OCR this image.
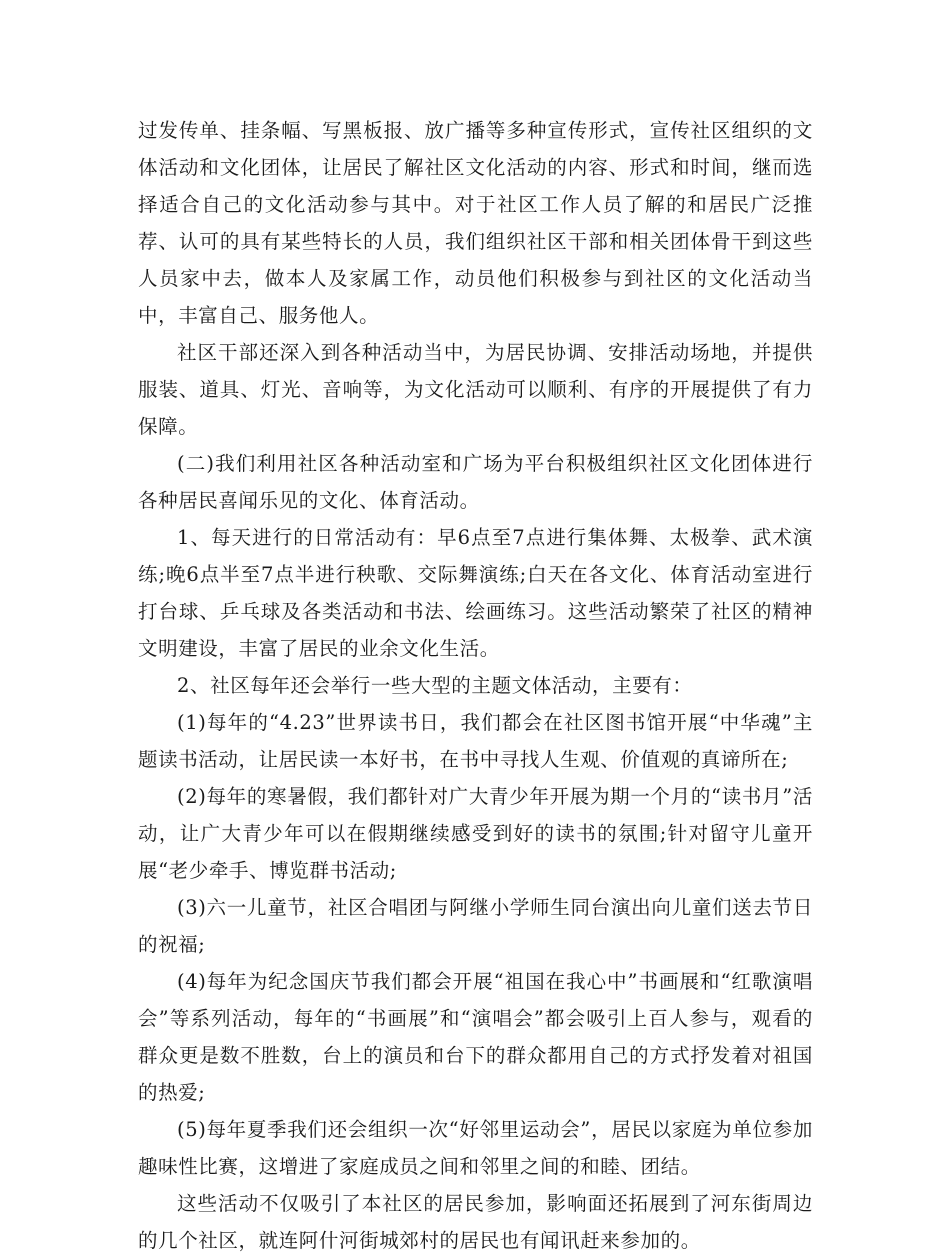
过发传单、挂条幅、写黑板报、放广播等多种宣传形式，宣传社区组织的文体活动和文化团体，让居民了解社区文化活动的内容、形式和时间，继而选择适合自己的文化活动参与其中。对于社区工作人员了解的和居民广泛推荐、认可的具有某些特长的人员，我们组织社区干部和相关团体骨干到这些人员家中去，做本人及家属工作，动员他们积极参与到社区的文化活动当中，丰富自己、服务他人。

社区干部还深入到各种活动当中，为居民协调、安排活动场地，并提供服装、道具、灯光、音响等，为文化活动可以顺利、有序的开展提供了有力保障。

(二)我们利用社区各种活动室和广场为平台积极组织社区文化团体进行各种居民喜闻乐见的文化、体育活动。

1、每天进行的日常活动有：早6点至7点进行集体舞、太极拳、武术演练;晚6点半至7点半进行秧歌、交际舞演练;白天在各文化、体育活动室进行打台球、乒乓球及各类活动和书法、绘画练习。这些活动繁荣了社区的精神文明建设，丰富了居民的业余文化生活。

2、社区每年还会举行一些大型的主题文体活动，主要有：

(1)每年的“4.23”世界读书日，我们都会在社区图书馆开展“中华魂”主题读书活动，让居民读一本好书，在书中寻找人生观、价值观的真谛所在;

(2)每年的寒暑假，我们都针对广大青少年开展为期一个月的“读书月”活动，让广大青少年可以在假期继续感受到好的读书的氛围;针对留守儿童开展“老少牵手、博览群书活动;

(3)六一儿童节，社区合唱团与阿继小学师生同台演出向儿童们送去节日的祝福;

(4)每年为纪念国庆节我们都会开展“祖国在我心中”书画展和“红歌演唱会”等系列活动，每年的“书画展”和“演唱会”都会吸引上百人参与，观看的群众更是数不胜数，台上的演员和台下的群众都用自己的方式抒发着对祖国的热爱;

(5)每年夏季我们还会组织一次“好邻里运动会”，居民以家庭为单位参加趣味性比赛，这增进了家庭成员之间和邻里之间的和睦、团结。

这些活动不仅吸引了本社区的居民参加，影响面还拓展到了河东街周边的几个社区，就连阿什河街城郊村的居民也有闻讯赶来参加的。
